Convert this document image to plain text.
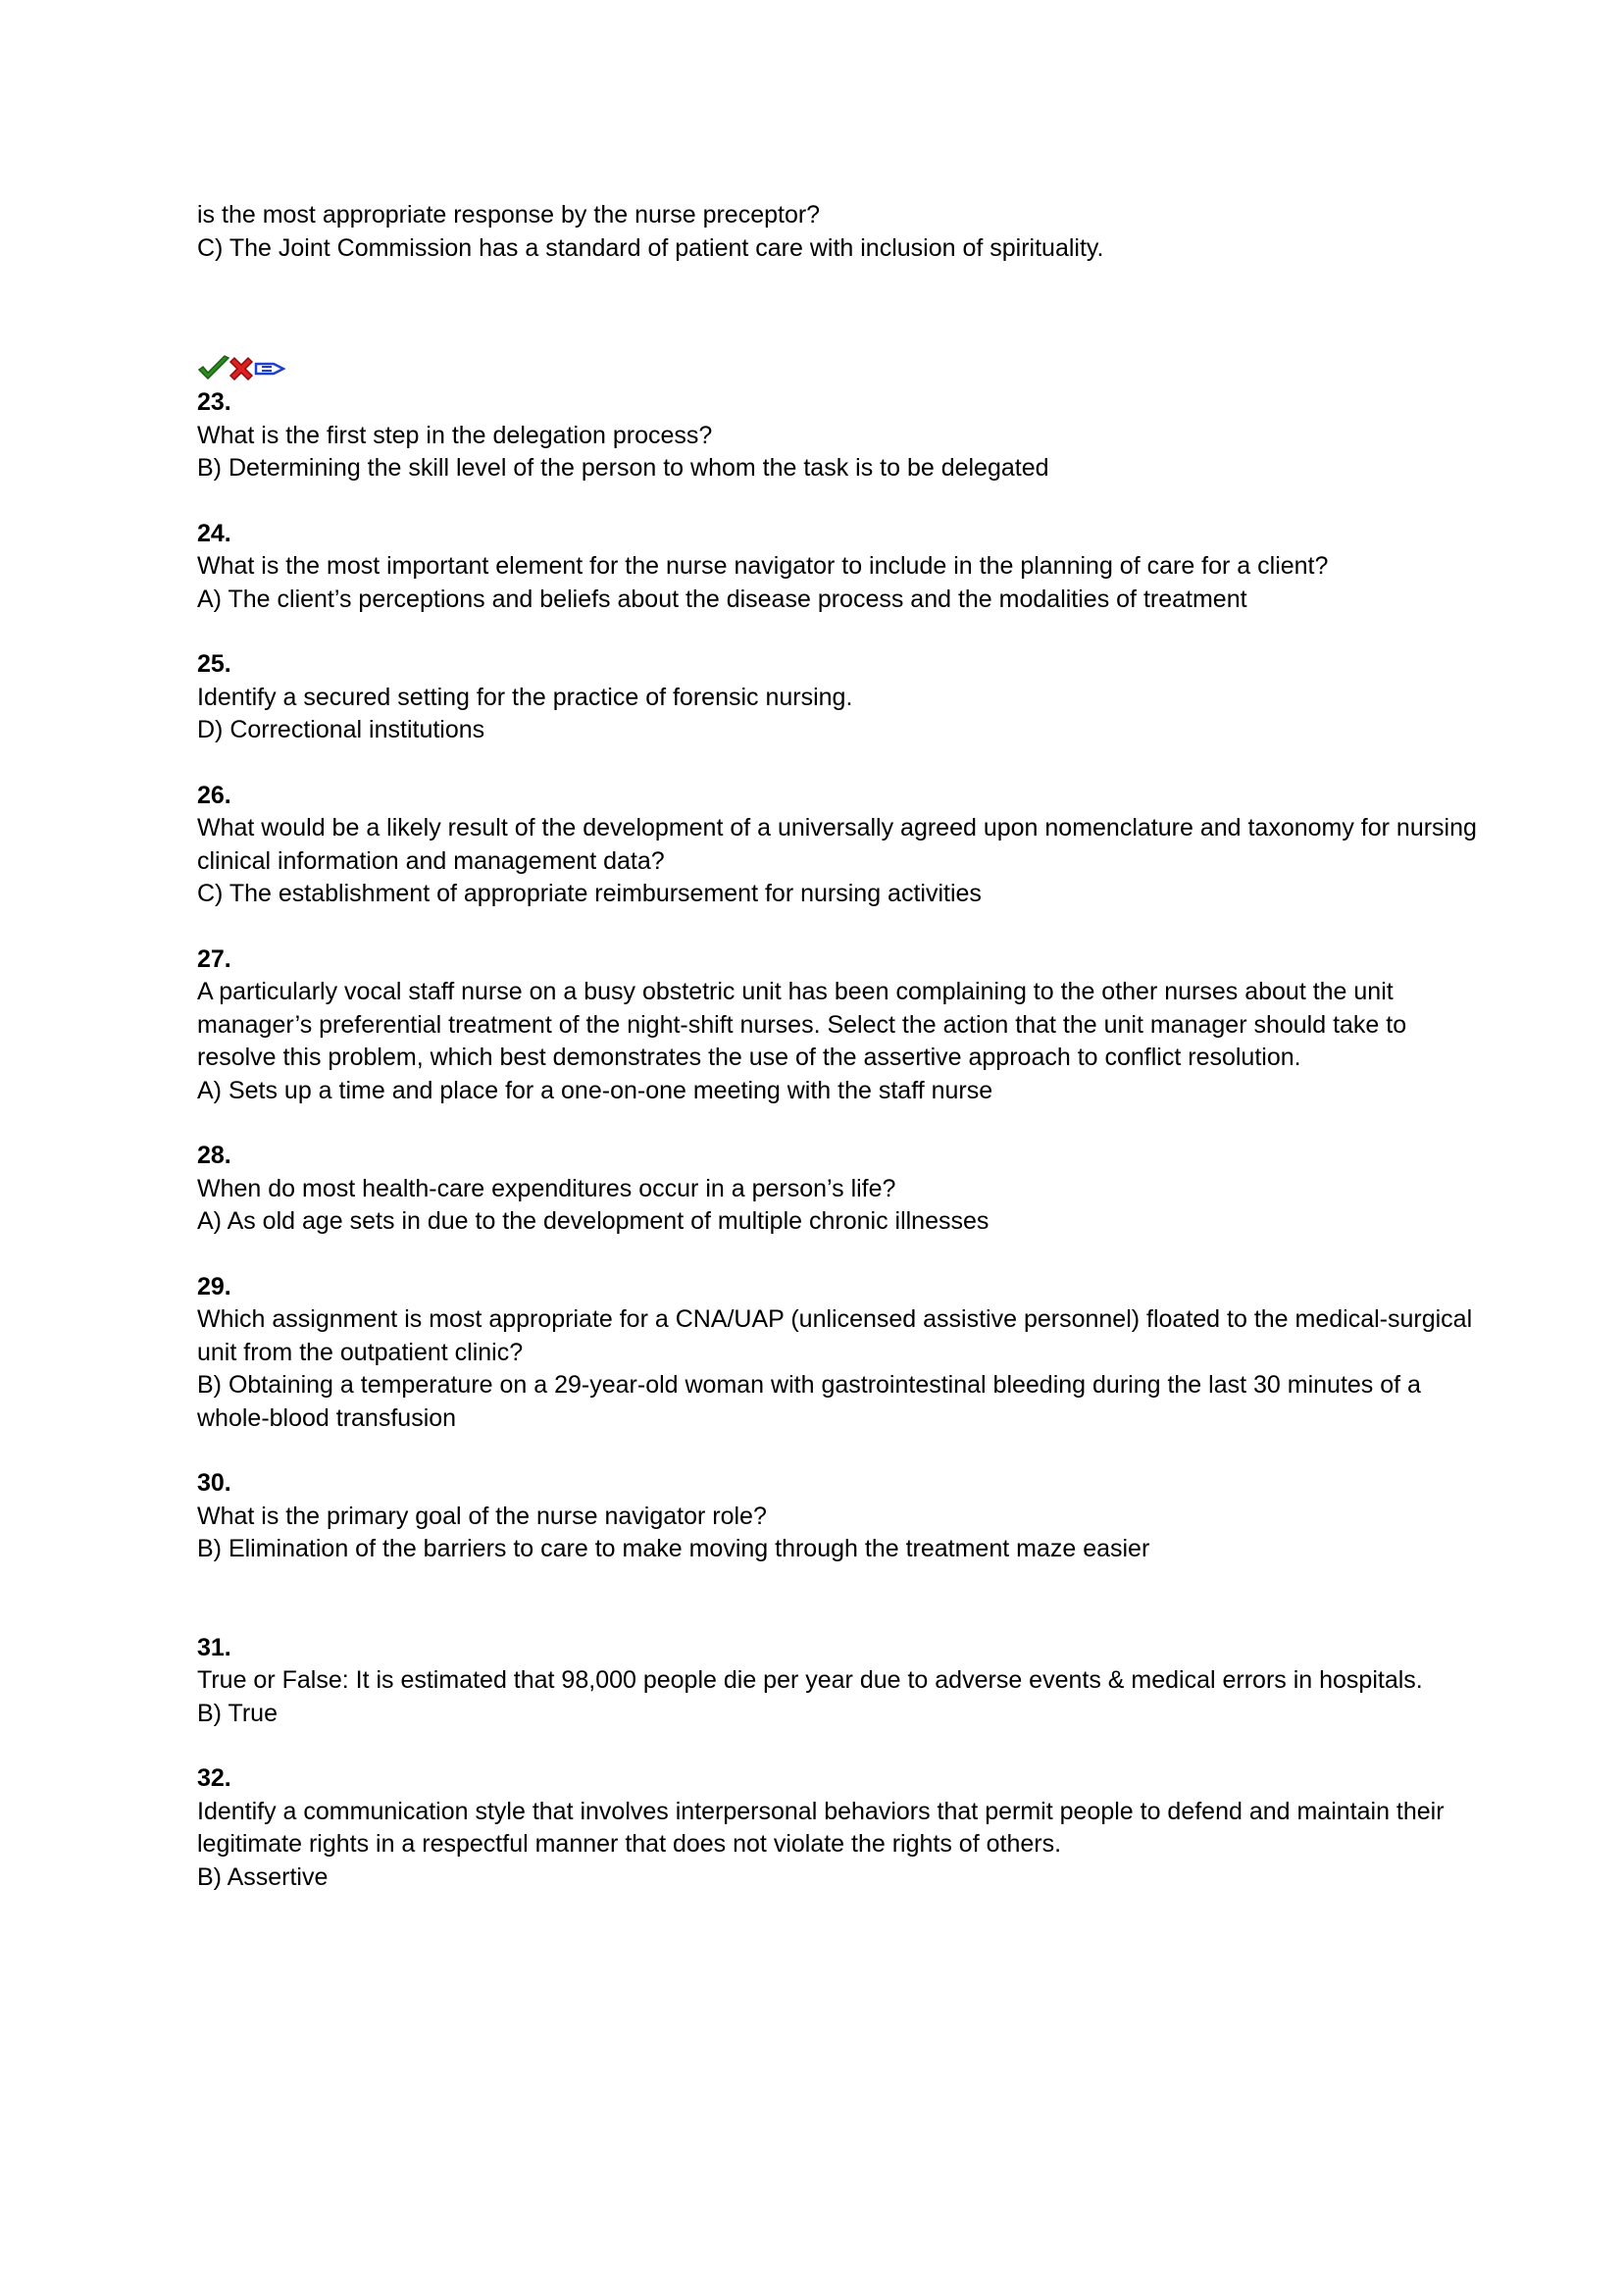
is the most appropriate response by the nurse preceptor?
C) The Joint Commission has a standard of patient care with inclusion of spirituality.
23.
What is the first step in the delegation process?
B) Determining the skill level of the person to whom the task is to be delegated
24.
What is the most important element for the nurse navigator to include in the planning of care for a client?
A) The client’s perceptions and beliefs about the disease process and the modalities of treatment
25.
Identify a secured setting for the practice of forensic nursing.
D) Correctional institutions
26.
What would be a likely result of the development of a universally agreed upon nomenclature and taxonomy for nursing clinical information and management data?
C) The establishment of appropriate reimbursement for nursing activities
27.
A particularly vocal staff nurse on a busy obstetric unit has been complaining to the other nurses about the unit manager’s preferential treatment of the night-shift nurses. Select the action that the unit manager should take to resolve this problem, which best demonstrates the use of the assertive approach to conflict resolution.
A) Sets up a time and place for a one-on-one meeting with the staff nurse
28.
When do most health-care expenditures occur in a person’s life?
A) As old age sets in due to the development of multiple chronic illnesses
29.
Which assignment is most appropriate for a CNA/UAP (unlicensed assistive personnel) floated to the medical-surgical unit from the outpatient clinic?
B) Obtaining a temperature on a 29-year-old woman with gastrointestinal bleeding during the last 30 minutes of a whole-blood transfusion
30.
What is the primary goal of the nurse navigator role?
B) Elimination of the barriers to care to make moving through the treatment maze easier
31.
True or False: It is estimated that 98,000 people die per year due to adverse events & medical errors in hospitals.
B) True
32.
Identify a communication style that involves interpersonal behaviors that permit people to defend and maintain their legitimate rights in a respectful manner that does not violate the rights of others.
B) Assertive
